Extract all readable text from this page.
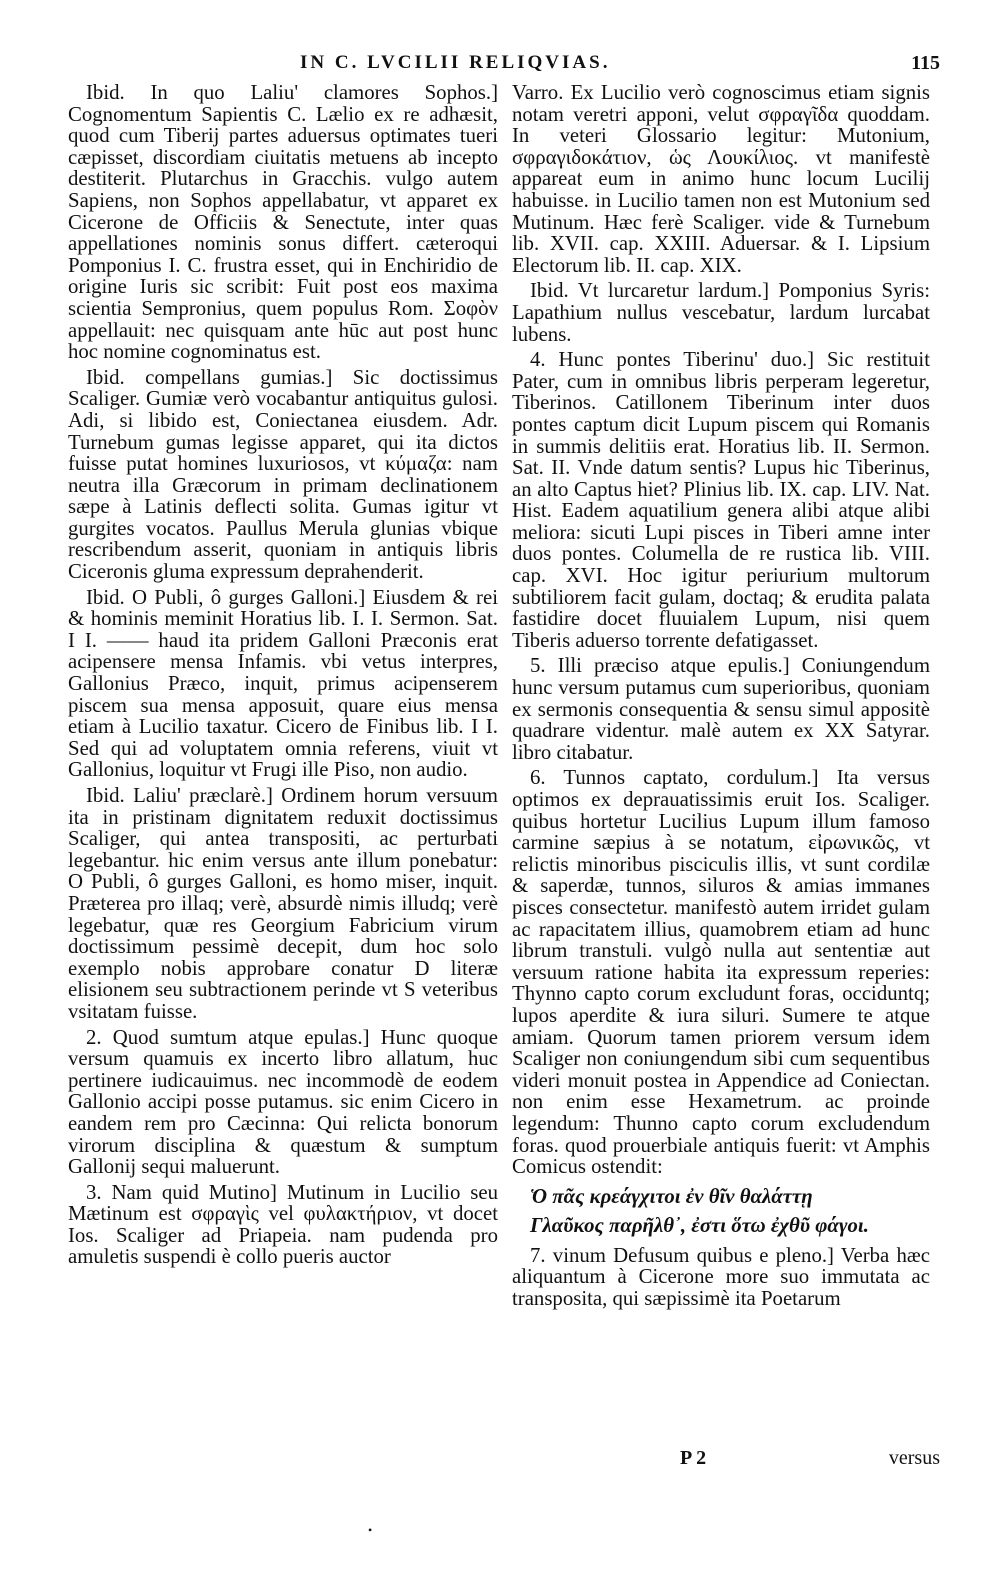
IN C. LVCILII RELIQVIAS.	115

Ibid. In quo Laliu' clamores Sophos.] Cognomentum Sapientis C. Lælio ex re adhæsit, quod cum Tiberij partes aduersus optimates tueri cæpisset, discordiam ciuitatis metuens ab incepto destiterit. Plutarchus in Gracchis. vulgo autem Sapiens, non Sophos appellabatur, vt apparet ex Cicerone de Officiis & Senectute, inter quas appellationes nominis sonus differt. cæteroqui Pomponius I. C. frustra esset, qui in Enchiridio de origine Iuris sic scribit: Fuit post eos maxima scientia Sempronius, quem populus Rom. Σοφὸν appellauit: nec quisquam ante hūc aut post hunc hoc nomine cognominatus est.

Ibid. compellans gumias.] Sic doctissimus Scaliger. Gumiæ verò vocabantur antiquitus gulosi. Adi, si libido est, Coniectanea eiusdem. Adr. Turnebum gumas legisse apparet, qui ita dictos fuisse putat homines luxuriosos, vt κύμαζα: nam neutra illa Græcorum in primam declinationem sæpe à Latinis deflecti solita. Gumas igitur vt gurgites vocatos. Paullus Merula glunias vbique rescribendum asserit, quoniam in antiquis libris Ciceronis gluma expressum deprahenderit.

Ibid. O Publi, ô gurges Galloni.] Eiusdem & rei & hominis meminit Horatius lib. I. I. Sermon. Sat. I I. —— haud ita pridem Galloni Præconis erat acipensere mensa Infamis. vbi vetus interpres, Gallonius Præco, inquit, primus acipenserem piscem sua mensa apposuit, quare eius mensa etiam à Lucilio taxatur. Cicero de Finibus lib. I I. Sed qui ad voluptatem omnia referens, viuit vt Gallonius, loquitur vt Frugi ille Piso, non audio.

Ibid. Laliu' præclarè.] Ordinem horum versuum ita in pristinam dignitatem reduxit doctissimus Scaliger, qui antea transpositi, ac perturbati legebantur. hic enim versus ante illum ponebatur: O Publi, ô gurges Galloni, es homo miser, inquit. Præterea pro illaq; verè, absurdè nimis illudq; verè legebatur, quæ res Georgium Fabricium virum doctissimum pessimè decepit, dum hoc solo exemplo nobis approbare conatur D literæ elisionem seu subtractionem perinde vt S veteribus vsitatam fuisse.

2. Quod sumtum atque epulas.] Hunc quoque versum quamuis ex incerto libro allatum, huc pertinere iudicauimus. nec incommodè de eodem Gallonio accipi posse putamus. sic enim Cicero in eandem rem pro Cæcinna: Qui relicta bonorum virorum disciplina & quæstum & sumptum Gallonij sequi maluerunt.

3. Nam quid Mutino] Mutinum in Lucilio seu Mætinum est σφραγὶς vel φυλακτήριον, vt docet Ios. Scaliger ad Priapeia. nam pudenda pro amuletis suspendi è collo pueris auctor

Varro. Ex Lucilio verò cognoscimus etiam signis notam veretri apponi, velut σφραγῖδα quoddam. In veteri Glossario legitur: Mutonium, σφραγιδοκάτιον, ὡς Λουκίλιος. vt manifestè appareat eum in animo hunc locum Lucilij habuisse. in Lucilio tamen non est Mutonium sed Mutinum. Hæc ferè Scaliger. vide & Turnebum lib. XVII. cap. XXIII. Aduersar. & I. Lipsium Electorum lib. II. cap. XIX.

Ibid. Vt lurcaretur lardum.] Pomponius Syris: Lapathium nullus vescebatur, lardum lurcabat lubens.

4. Hunc pontes Tiberinu' duo.] Sic restituit Pater, cum in omnibus libris perperam legeretur, Tiberinos. Catillonem Tiberinum inter duos pontes captum dicit Lupum piscem qui Romanis in summis delitiis erat. Horatius lib. II. Sermon. Sat. II. Vnde datum sentis? Lupus hic Tiberinus, an alto Captus hiet? Plinius lib. IX. cap. LIV. Nat. Hist. Eadem aquatilium genera alibi atque alibi meliora: sicuti Lupi pisces in Tiberi amne inter duos pontes. Columella de re rustica lib. VIII. cap. XVI. Hoc igitur periurium multorum subtiliorem facit gulam, doctaq; & erudita palata fastidire docet fluuialem Lupum, nisi quem Tiberis aduerso torrente defatigasset.

5. Illi præciso atque epulis.] Coniungendum hunc versum putamus cum superioribus, quoniam ex sermonis consequentia & sensu simul appositè quadrare videntur. malè autem ex XX Satyrar. libro citabatur.

6. Tunnos captato, cordulum.] Ita versus optimos ex deprauatissimis eruit Ios. Scaliger. quibus hortetur Lucilius Lupum illum famoso carmine sæpius à se notatum, εἰρωνικῶς, vt relictis minoribus pisciculis illis, vt sunt cordilæ & saperdæ, tunnos, siluros & amias immanes pisces consectetur. manifestò autem irridet gulam ac rapacitatem illius, quamobrem etiam ad hunc librum transtuli. vulgò nulla aut sententiæ aut versuum ratione habita ita expressum reperies: Thynno capto corum excludunt foras, occiduntq; lupos aperdite & iura siluri. Sumere te atque amiam. Quorum tamen priorem versum idem Scaliger non coniungendum sibi cum sequentibus videri monuit postea in Appendice ad Coniectan. non enim esse Hexametrum. ac proinde legendum: Thunno capto corum excludendum foras. quod prouerbiale antiquis fuerit: vt Amphis Comicus ostendit:

Ὁ πᾶς κρεάγχιτοι ἐν θῖν θαλάττῃ

Γλαῦκος παρῆλθ᾽, ἐστι ὅτω ἐχθῦ φάγοι.

7. vinum Defusum quibus e pleno.] Verba hæc aliquantum à Cicerone more suo immutata ac transposita, qui sæpissimè ita Poetarum

P 2	versus
•
